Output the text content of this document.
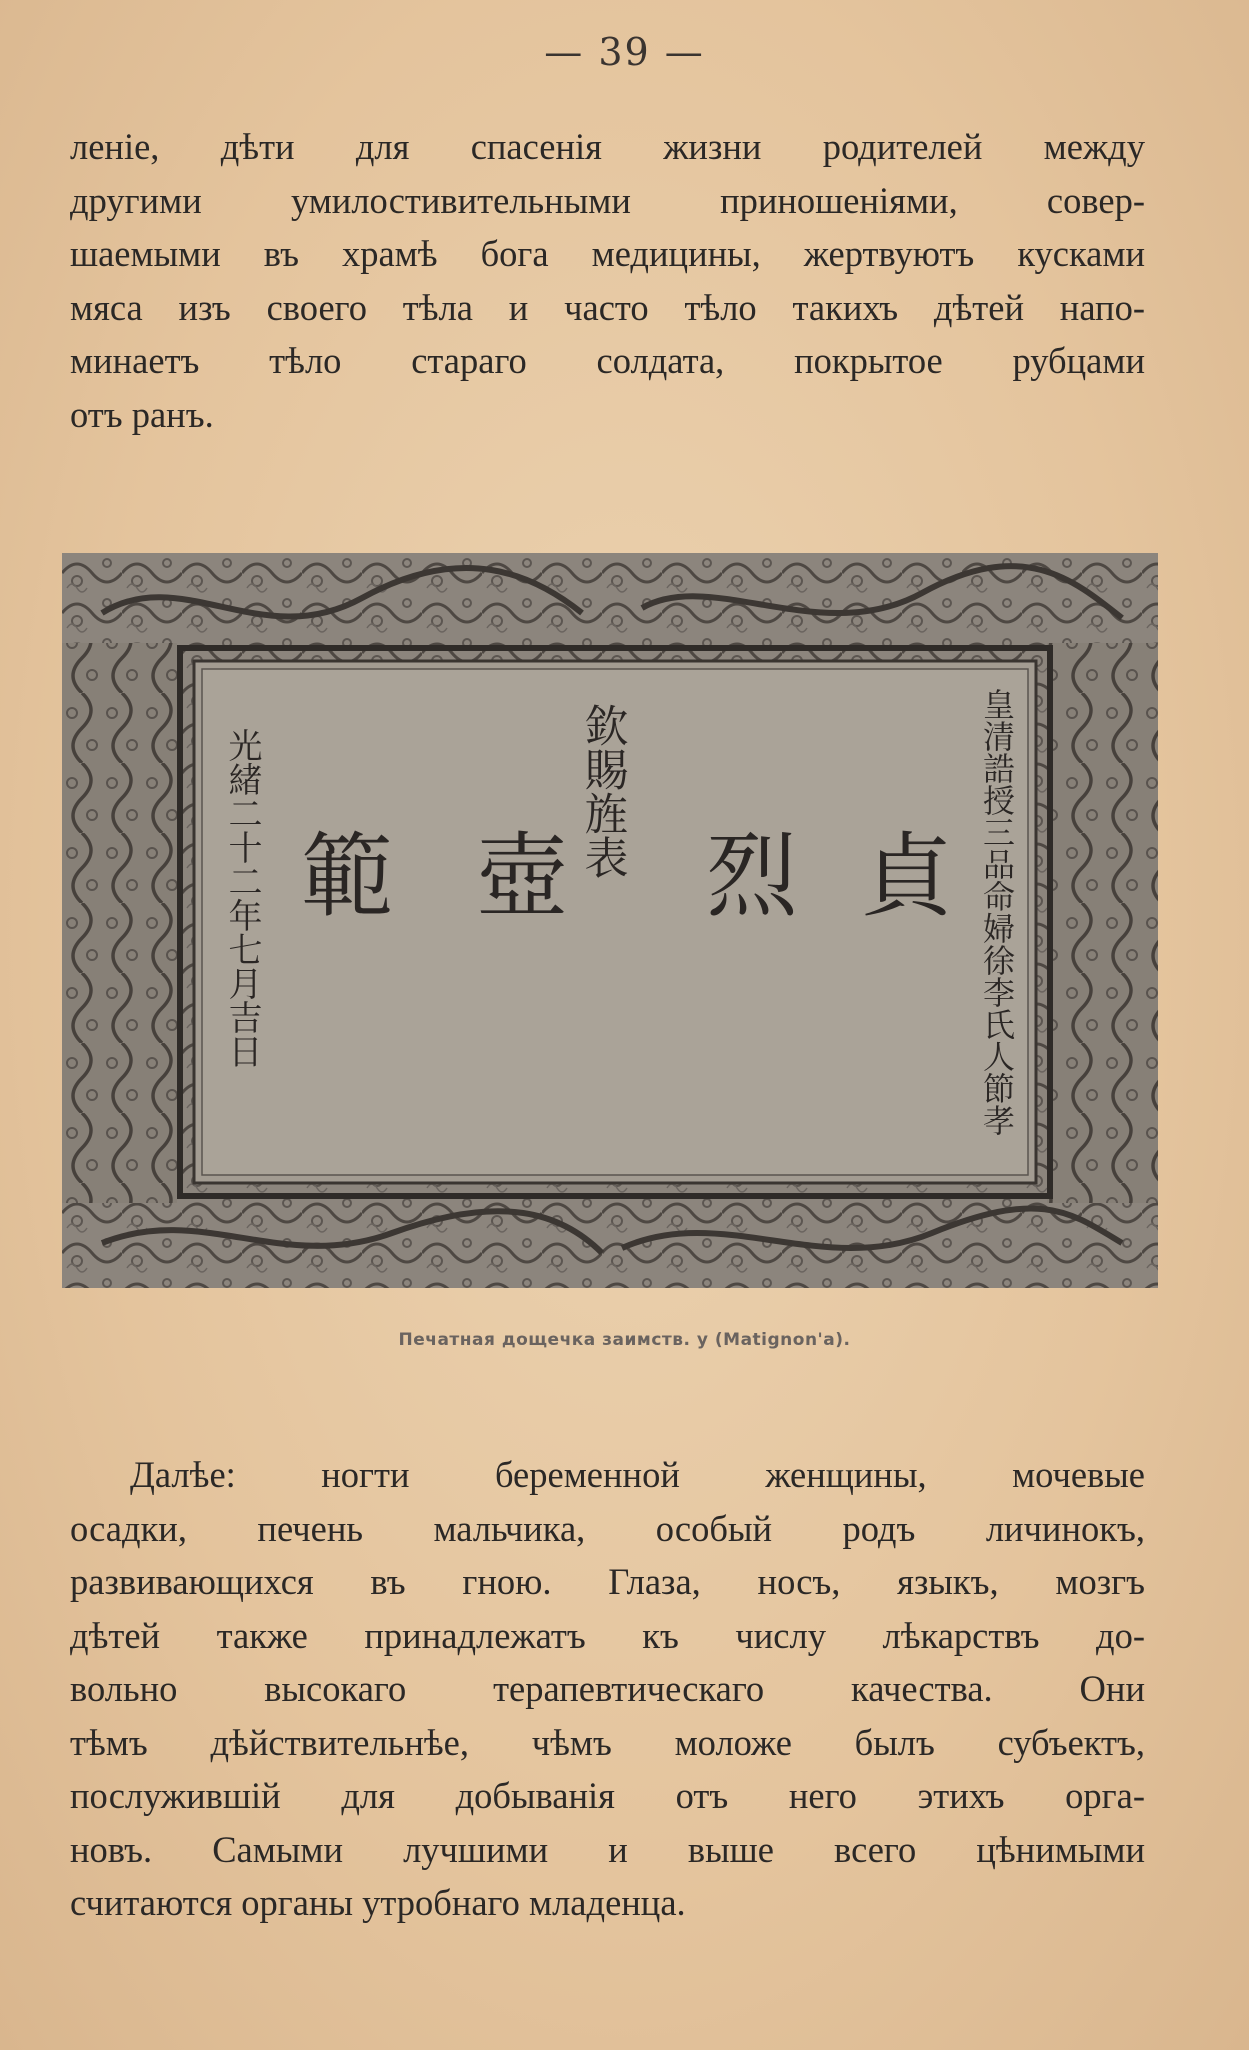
— 39 —
ленiе, дѣти для спасенiя жизни родителей между
другими умилостивительными приношенiями, совер-
шаемыми въ храмѣ бога медицины, жертвуютъ кусками
мяса изъ своего тѣла и часто тѣло такихъ дѣтей напо-
минаетъ тѣло стараго солдата, покрытое рубцами
отъ ранъ.
範 壺 烈 貞
欽賜旌表
光緒二十二年七月吉日	皇清誥授三品命婦徐李氏人節孝
Печатная дощечка заимств. у (Matignon'a).
Далѣе: ногти беременной женщины, мочевые
осадки, печень мальчика, особый родъ личинокъ,
развивающихся въ гною. Глаза, носъ, языкъ, мозгъ
дѣтей также принадлежатъ къ числу лѣкарствъ до-
вольно высокаго терапевтическаго качества. Они
тѣмъ дѣйствительнѣе, чѣмъ моложе былъ субъектъ,
послужившiй для добыванiя отъ него этихъ орга-
новъ. Самыми лучшими и выше всего цѣнимыми
считаются органы утробнаго младенца.
